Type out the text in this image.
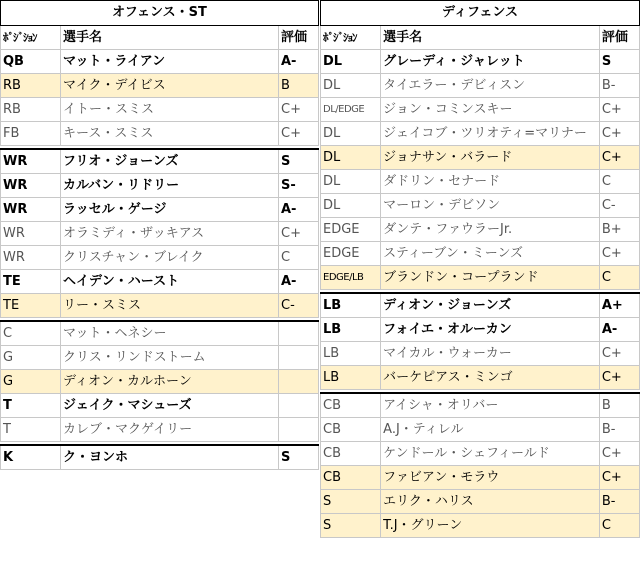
オフェンス・ST		
ﾎﾟｼﾞｼｮﾝ	選手名	評価
QB	マット・ライアン	A-
RB	マイク・デイビス	B
RB	イトー・スミス	C+
FB	キース・スミス	C+

WR	フリオ・ジョーンズ	S
WR	カルバン・リドリー	S-
WR	ラッセル・ゲージ	A-
WR	オラミディ・ザッキアス	C+
WR	クリスチャン・ブレイク	C
TE	ヘイデン・ハースト	A-
TE	リー・スミス	C-

C	マット・ヘネシー	
G	クリス・リンドストーム	
G	ディオン・カルホーン	
T	ジェイク・マシューズ	
T	カレブ・マクゲイリー	

K	ク・ヨンホ	S
ディフェンス		
ﾎﾟｼﾞｼｮﾝ	選手名	評価
DL	グレーディ・ジャレット	S
DL	タイエラー・デビィスン	B-
DL/EDGE	ジョン・コミンスキー	C+
DL	ジェイコブ・ツリオティ=マリナー	C+
DL	ジョナサン・バラード	C+
DL	ダドリン・セナード	C
DL	マーロン・デビソン	C-
EDGE	ダンテ・ファウラーJr.	B+
EDGE	スティーブン・ミーンズ	C+
EDGE/LB	ブランドン・コープランド	C

LB	ディオン・ジョーンズ	A+
LB	フォイエ・オルーカン	A-
LB	マイカル・ウォーカー	C+
LB	バーケピアス・ミンゴ	C+

CB	アイシャ・オリバー	B
CB	A.J・ティレル	B-
CB	ケンドール・シェフィールド	C+
CB	ファビアン・モラウ	C+
S	エリク・ハリス	B-
S	T.J・グリーン	C
